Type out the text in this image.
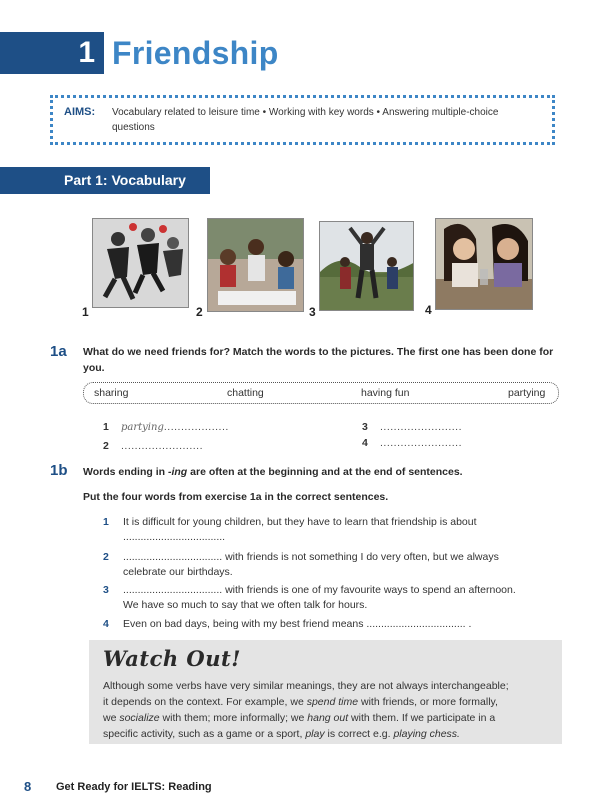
1 Friendship
AIMS: Vocabulary related to leisure time • Working with key words • Answering multiple-choice questions
Part 1: Vocabulary
1	2	3	4
1a What do we need friends for? Match the words to the pictures. The first one has been done for you.
sharing	chatting	having fun	partying
1 partying...................
2 ........................
3 ........................
4 ........................
1b Words ending in -ing are often at the beginning and at the end of sentences.
Put the four words from exercise 1a in the correct sentences.
1 It is difficult for young children, but they have to learn that friendship is about
...................................
2 .................................. with friends is not something I do very often, but we always
celebrate our birthdays.
3 .................................. with friends is one of my favourite ways to spend an afternoon.
We have so much to say that we often talk for hours.
4 Even on bad days, being with my best friend means .................................. .
Watch Out!
Although some verbs have very similar meanings, they are not always interchangeable;
it depends on the context. For example, we spend time with friends, or more formally,
we socialize with them; more informally; we hang out with them. If we participate in a
specific activity, such as a game or a sport, play is correct e.g. playing chess.
8 Get Ready for IELTS: Reading
